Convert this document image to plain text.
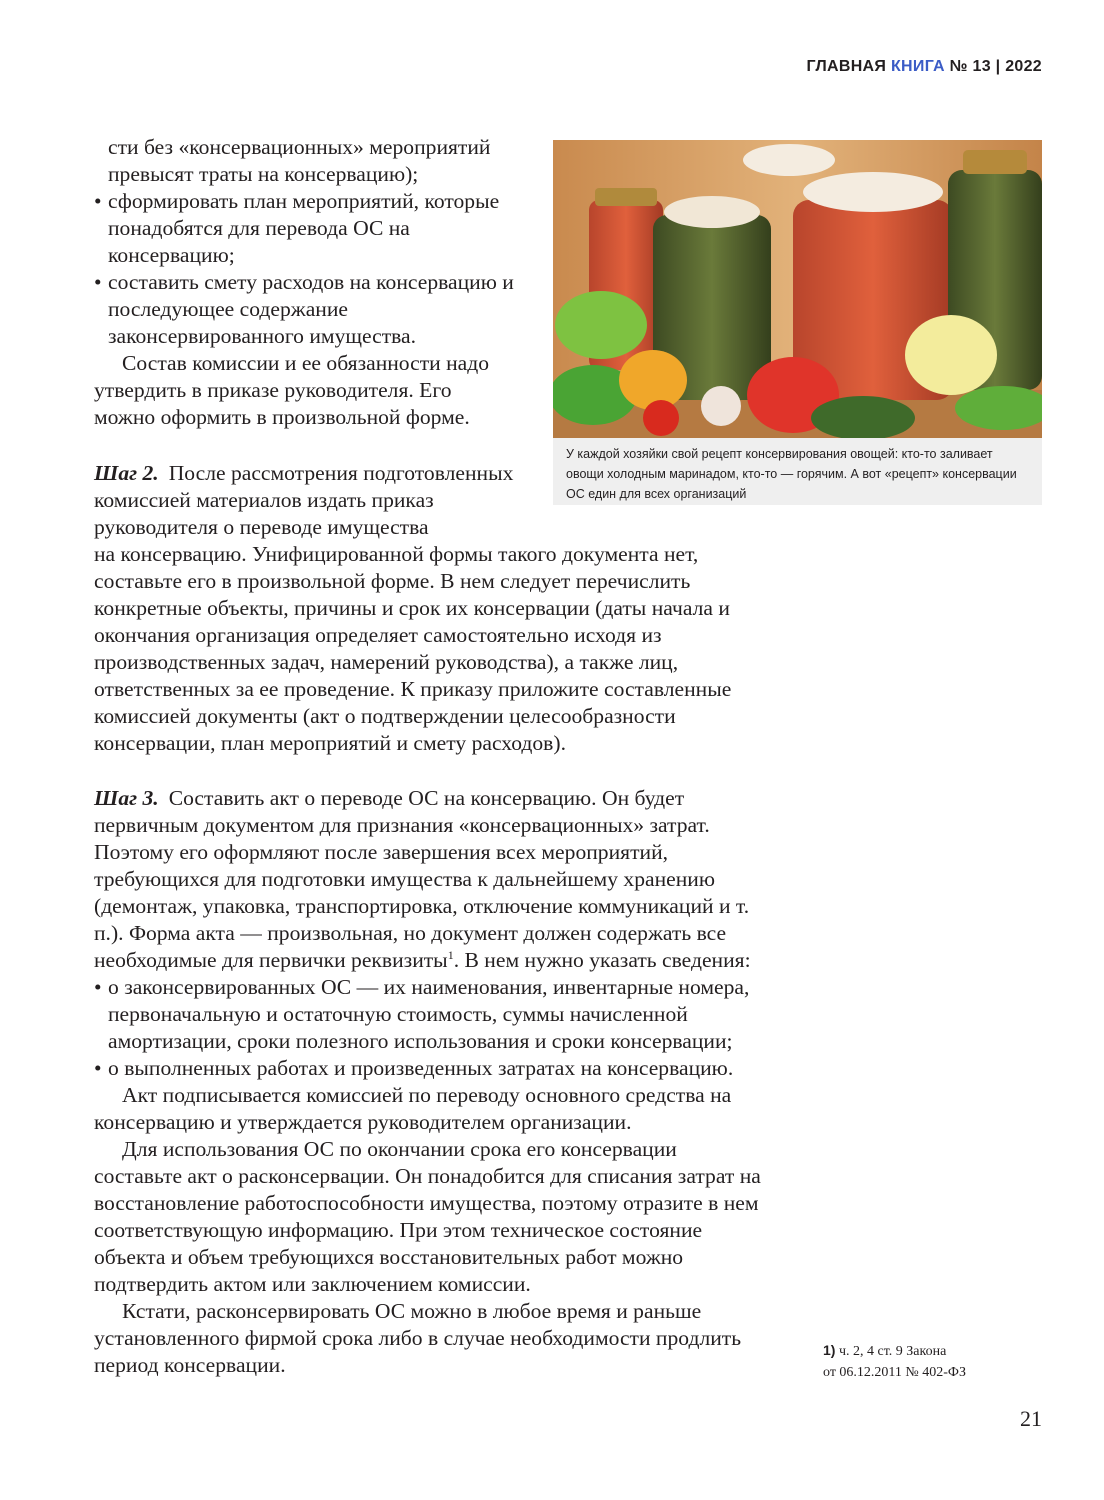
ГЛАВНАЯ КНИГА № 13 | 2022
У каждой хозяйки свой рецепт консервирования овощей: кто-то заливает овощи холодным маринадом, кто-то — горячим. А вот «рецепт» консервации ОС един для всех организаций

сти без «консервационных» мероприятий превысят траты на консервацию);

• сформировать план мероприятий, которые понадобятся для перевода ОС на консервацию;
• составить смету расходов на консервацию и последующее содержание законсервированного имущества.

Состав комиссии и ее обязанности надо утвердить в приказе руководителя. Его можно оформить в произвольной форме.

Шаг 2. После рассмотрения подготовленных комиссией материалов издать приказ руководителя о переводе имущества

на консервацию. Унифицированной формы такого документа нет, составьте его в произвольной форме. В нем следует перечислить конкретные объекты, причины и срок их консервации (даты начала и окончания организация определяет самостоятельно исходя из производственных задач, намерений руководства), а также лиц, ответственных за ее проведение. К приказу приложите составленные комиссией документы (акт о подтверждении целесообразности консервации, план мероприятий и смету расходов).

Шаг 3. Составить акт о переводе ОС на консервацию. Он будет первичным документом для признания «консервационных» затрат. Поэтому его оформляют после завершения всех мероприятий, требующихся для подготовки имущества к дальнейшему хранению (демонтаж, упаковка, транспортировка, отключение коммуникаций и т. п.). Форма акта — произвольная, но документ должен содержать все необходимые для первички реквизиты$^1$. В нем нужно указать сведения:

• о законсервированных ОС — их наименования, инвентарные номера, первоначальную и остаточную стоимость, суммы начисленной амортизации, сроки полезного использования и сроки консервации;
• о выполненных работах и произведенных затратах на консервацию.

Акт подписывается комиссией по переводу основного средства на консервацию и утверждается руководителем организации.

Для использования ОС по окончании срока его консервации составьте акт о расконсервации. Он понадобится для списания затрат на восстановление работоспособности имущества, поэтому отразите в нем соответствующую информацию. При этом техническое состояние объекта и объем требующихся восстановительных работ можно подтвердить актом или заключением комиссии.

Кстати, расконсервировать ОС можно в любое время и раньше установленного фирмой срока либо в случае необходимости продлить период консервации.

1) ч. 2, 4 ст. 9 Закона
от 06.12.2011 № 402-ФЗ
21
